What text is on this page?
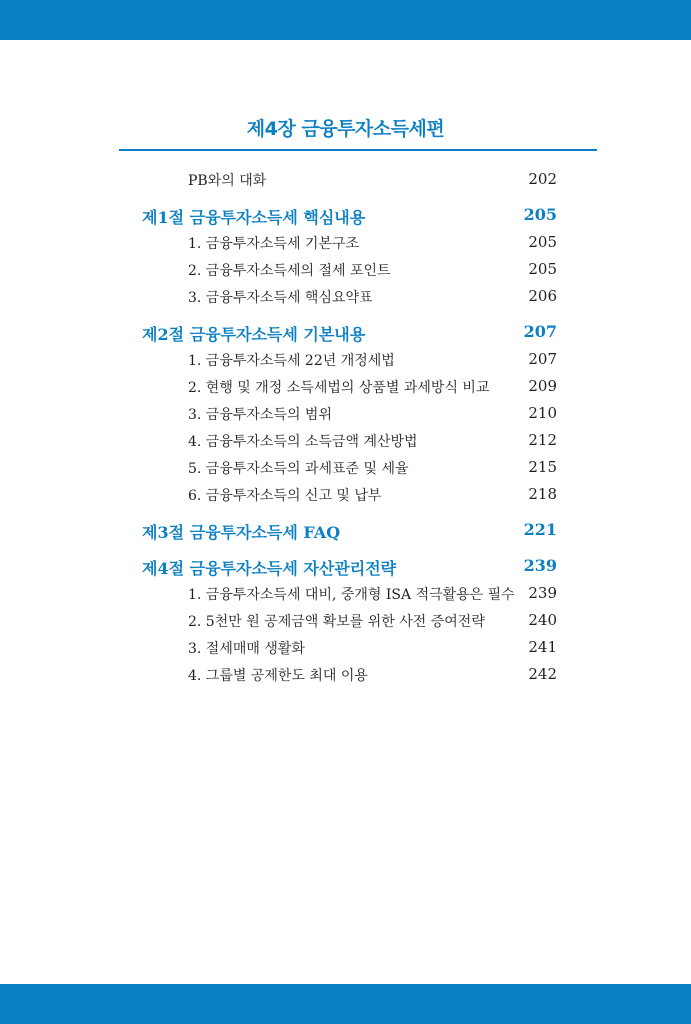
제4장 금융투자소득세편
PB와의 대화	202
제1절 금융투자소득세 핵심내용	205
1. 금융투자소득세 기본구조	205
2. 금융투자소득세의 절세 포인트	205
3. 금융투자소득세 핵심요약표	206
제2절 금융투자소득세 기본내용	207
1. 금융투자소득세 22년 개정세법	207
2. 현행 및 개정 소득세법의 상품별 과세방식 비교	209
3. 금융투자소득의 범위	210
4. 금융투자소득의 소득금액 계산방법	212
5. 금융투자소득의 과세표준 및 세율	215
6. 금융투자소득의 신고 및 납부	218
제3절 금융투자소득세 FAQ	221
제4절 금융투자소득세 자산관리전략	239
1. 금융투자소득세 대비, 중개형 ISA 적극활용은 필수 239
2. 5천만 원 공제금액 확보를 위한 사전 증여전략	240
3. 절세매매 생활화	241
4. 그룹별 공제한도 최대 이용	242
